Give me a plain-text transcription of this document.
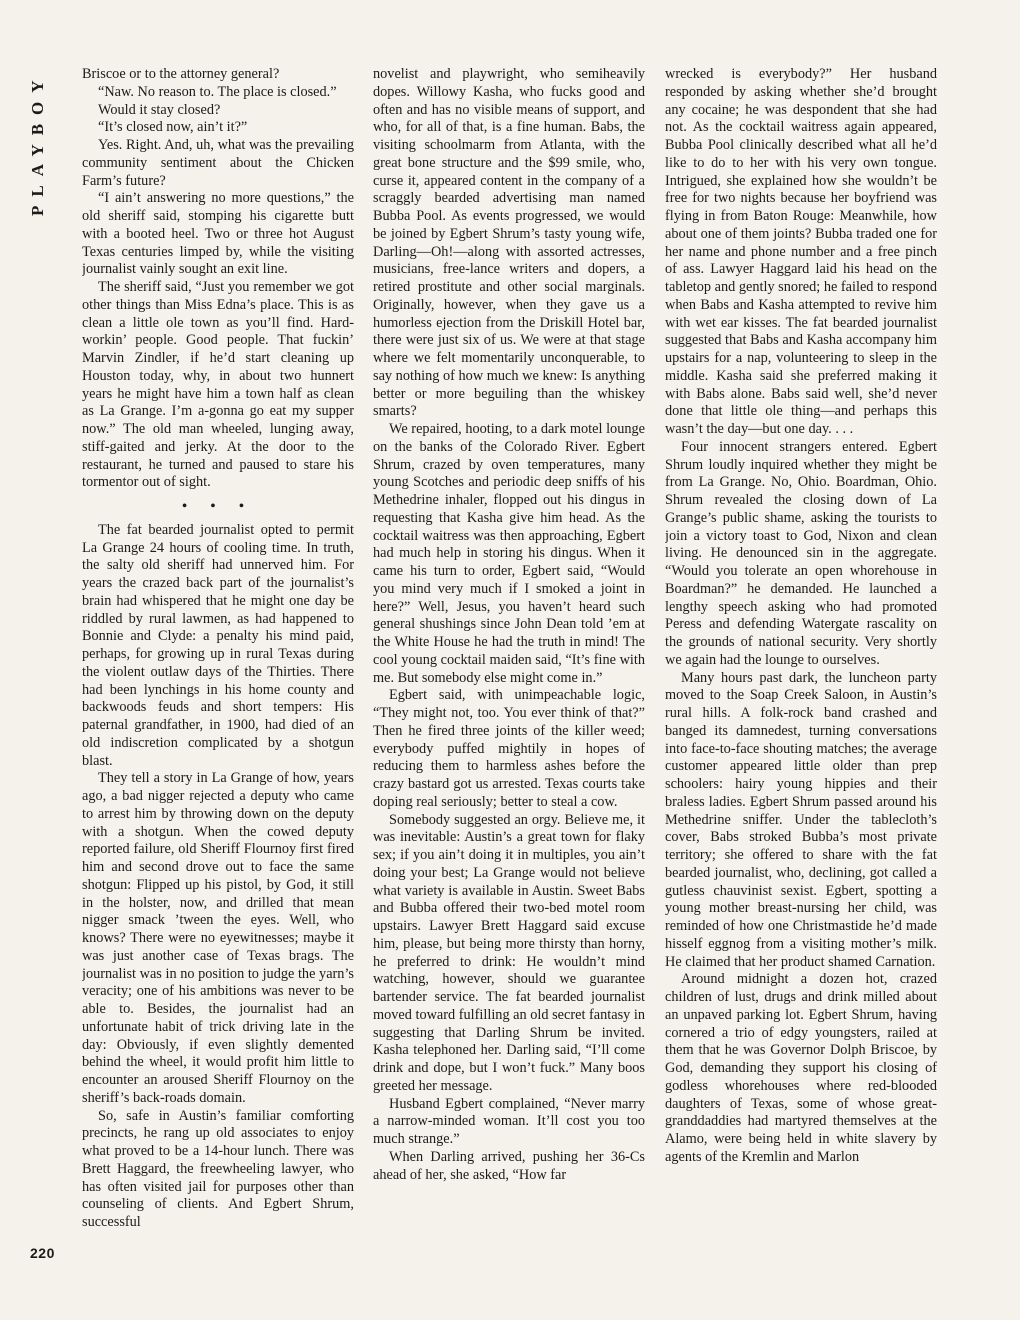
PLAYBOY	Briscoe or to the attorney general?

“Naw. No reason to. The place is closed.”

Would it stay closed?

“It’s closed now, ain’t it?”

Yes. Right. And, uh, what was the prevailing community sentiment about the Chicken Farm’s future?

“I ain’t answering no more questions,” the old sheriff said, stomping his cigarette butt with a booted heel. Two or three hot August Texas centuries limped by, while the visiting journalist vainly sought an exit line.

The sheriff said, “Just you remember we got other things than Miss Edna’s place. This is as clean a little ole town as you’ll find. Hard-workin’ people. Good people. That fuckin’ Marvin Zindler, if he’d start cleaning up Houston today, why, in about two hunnert years he might have him a town half as clean as La Grange. I’m a-gonna go eat my supper now.” The old man wheeled, lunging away, stiff-gaited and jerky. At the door to the restaurant, he turned and paused to stare his tormentor out of sight.

• • •

The fat bearded journalist opted to permit La Grange 24 hours of cooling time. In truth, the salty old sheriff had unnerved him. For years the crazed back part of the journalist’s brain had whispered that he might one day be riddled by rural lawmen, as had happened to Bonnie and Clyde: a penalty his mind paid, perhaps, for growing up in rural Texas during the violent outlaw days of the Thirties. There had been lynchings in his home county and backwoods feuds and short tempers: His paternal grandfather, in 1900, had died of an old indiscretion complicated by a shotgun blast.

They tell a story in La Grange of how, years ago, a bad nigger rejected a deputy who came to arrest him by throwing down on the deputy with a shotgun. When the cowed deputy reported failure, old Sheriff Flournoy first fired him and second drove out to face the same shotgun: Flipped up his pistol, by God, it still in the holster, now, and drilled that mean nigger smack ’tween the eyes. Well, who knows? There were no eyewitnesses; maybe it was just another case of Texas brags. The journalist was in no position to judge the yarn’s veracity; one of his ambitions was never to be able to. Besides, the journalist had an unfortunate habit of trick driving late in the day: Obviously, if even slightly demented behind the wheel, it would profit him little to encounter an aroused Sheriff Flournoy on the sheriff’s back-roads domain.

So, safe in Austin’s familiar comforting precincts, he rang up old associates to enjoy what proved to be a 14-hour lunch. There was Brett Haggard, the freewheeling lawyer, who has often visited jail for purposes other than counseling of clients. And Egbert Shrum, successful

novelist and playwright, who semiheavily dopes. Willowy Kasha, who fucks good and often and has no visible means of support, and who, for all of that, is a fine human. Babs, the visiting schoolmarm from Atlanta, with the great bone structure and the $99 smile, who, curse it, appeared content in the company of a scraggly bearded advertising man named Bubba Pool. As events progressed, we would be joined by Egbert Shrum’s tasty young wife, Darling—Oh!—along with assorted actresses, musicians, free-lance writers and dopers, a retired prostitute and other social marginals. Originally, however, when they gave us a humorless ejection from the Driskill Hotel bar, there were just six of us. We were at that stage where we felt momentarily unconquerable, to say nothing of how much we knew: Is anything better or more beguiling than the whiskey smarts?

We repaired, hooting, to a dark motel lounge on the banks of the Colorado River. Egbert Shrum, crazed by oven temperatures, many young Scotches and periodic deep sniffs of his Methedrine inhaler, flopped out his dingus in requesting that Kasha give him head. As the cocktail waitress was then approaching, Egbert had much help in storing his dingus. When it came his turn to order, Egbert said, “Would you mind very much if I smoked a joint in here?” Well, Jesus, you haven’t heard such general shushings since John Dean told ’em at the White House he had the truth in mind! The cool young cocktail maiden said, “It’s fine with me. But somebody else might come in.”

Egbert said, with unimpeachable logic, “They might not, too. You ever think of that?” Then he fired three joints of the killer weed; everybody puffed mightily in hopes of reducing them to harmless ashes before the crazy bastard got us arrested. Texas courts take doping real seriously; better to steal a cow.

Somebody suggested an orgy. Believe me, it was inevitable: Austin’s a great town for flaky sex; if you ain’t doing it in multiples, you ain’t doing your best; La Grange would not believe what variety is available in Austin. Sweet Babs and Bubba offered their two-bed motel room upstairs. Lawyer Brett Haggard said excuse him, please, but being more thirsty than horny, he preferred to drink: He wouldn’t mind watching, however, should we guarantee bartender service. The fat bearded journalist moved toward fulfilling an old secret fantasy in suggesting that Darling Shrum be invited. Kasha telephoned her. Darling said, “I’ll come drink and dope, but I won’t fuck.” Many boos greeted her message.

Husband Egbert complained, “Never marry a narrow-minded woman. It’ll cost you too much strange.”

When Darling arrived, pushing her 36-Cs ahead of her, she asked, “How far

wrecked is everybody?” Her husband responded by asking whether she’d brought any cocaine; he was despondent that she had not. As the cocktail waitress again appeared, Bubba Pool clinically described what all he’d like to do to her with his very own tongue. Intrigued, she explained how she wouldn’t be free for two nights because her boyfriend was flying in from Baton Rouge: Meanwhile, how about one of them joints? Bubba traded one for her name and phone number and a free pinch of ass. Lawyer Haggard laid his head on the tabletop and gently snored; he failed to respond when Babs and Kasha attempted to revive him with wet ear kisses. The fat bearded journalist suggested that Babs and Kasha accompany him upstairs for a nap, volunteering to sleep in the middle. Kasha said she preferred making it with Babs alone. Babs said well, she’d never done that little ole thing—and perhaps this wasn’t the day—but one day. . . .

Four innocent strangers entered. Egbert Shrum loudly inquired whether they might be from La Grange. No, Ohio. Boardman, Ohio. Shrum revealed the closing down of La Grange’s public shame, asking the tourists to join a victory toast to God, Nixon and clean living. He denounced sin in the aggregate. “Would you tolerate an open whorehouse in Boardman?” he demanded. He launched a lengthy speech asking who had promoted Peress and defending Watergate rascality on the grounds of national security. Very shortly we again had the lounge to ourselves.

Many hours past dark, the luncheon party moved to the Soap Creek Saloon, in Austin’s rural hills. A folk-rock band crashed and banged its damnedest, turning conversations into face-to-face shouting matches; the average customer appeared little older than prep schoolers: hairy young hippies and their braless ladies. Egbert Shrum passed around his Methedrine sniffer. Under the tablecloth’s cover, Babs stroked Bubba’s most private territory; she offered to share with the fat bearded journalist, who, declining, got called a gutless chauvinist sexist. Egbert, spotting a young mother breast-nursing her child, was reminded of how one Christmastide he’d made hisself eggnog from a visiting mother’s milk. He claimed that her product shamed Carnation.

Around midnight a dozen hot, crazed children of lust, drugs and drink milled about an unpaved parking lot. Egbert Shrum, having cornered a trio of edgy youngsters, railed at them that he was Governor Dolph Briscoe, by God, demanding they support his closing of godless whorehouses where red-blooded daughters of Texas, some of whose great-granddaddies had martyred themselves at the Alamo, were being held in white slavery by agents of the Kremlin and Marlon

220
